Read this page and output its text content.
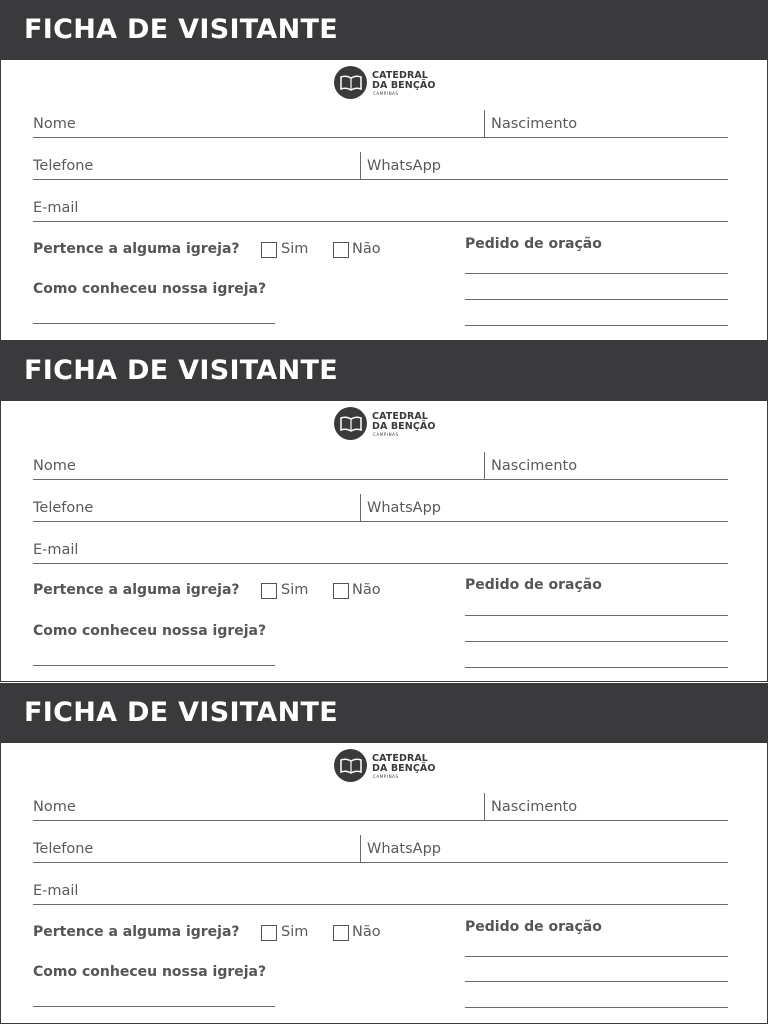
FICHA DE VISITANTE
CATEDRAL
DA BENÇÃO
CAMPINAS
Nome	Nascimento
Telefone	WhatsApp
E-mail
Pertence a alguma igreja?	Sim	Não	Pedido de oração
Como conheceu nossa igreja?
FICHA DE VISITANTE
CATEDRAL
DA BENÇÃO
CAMPINAS
Nome	Nascimento
Telefone	WhatsApp
E-mail
Pertence a alguma igreja?	Sim	Não	Pedido de oração
Como conheceu nossa igreja?
FICHA DE VISITANTE
CATEDRAL
DA BENÇÃO
CAMPINAS
Nome	Nascimento
Telefone	WhatsApp
E-mail
Pertence a alguma igreja?	Sim	Não	Pedido de oração
Como conheceu nossa igreja?
